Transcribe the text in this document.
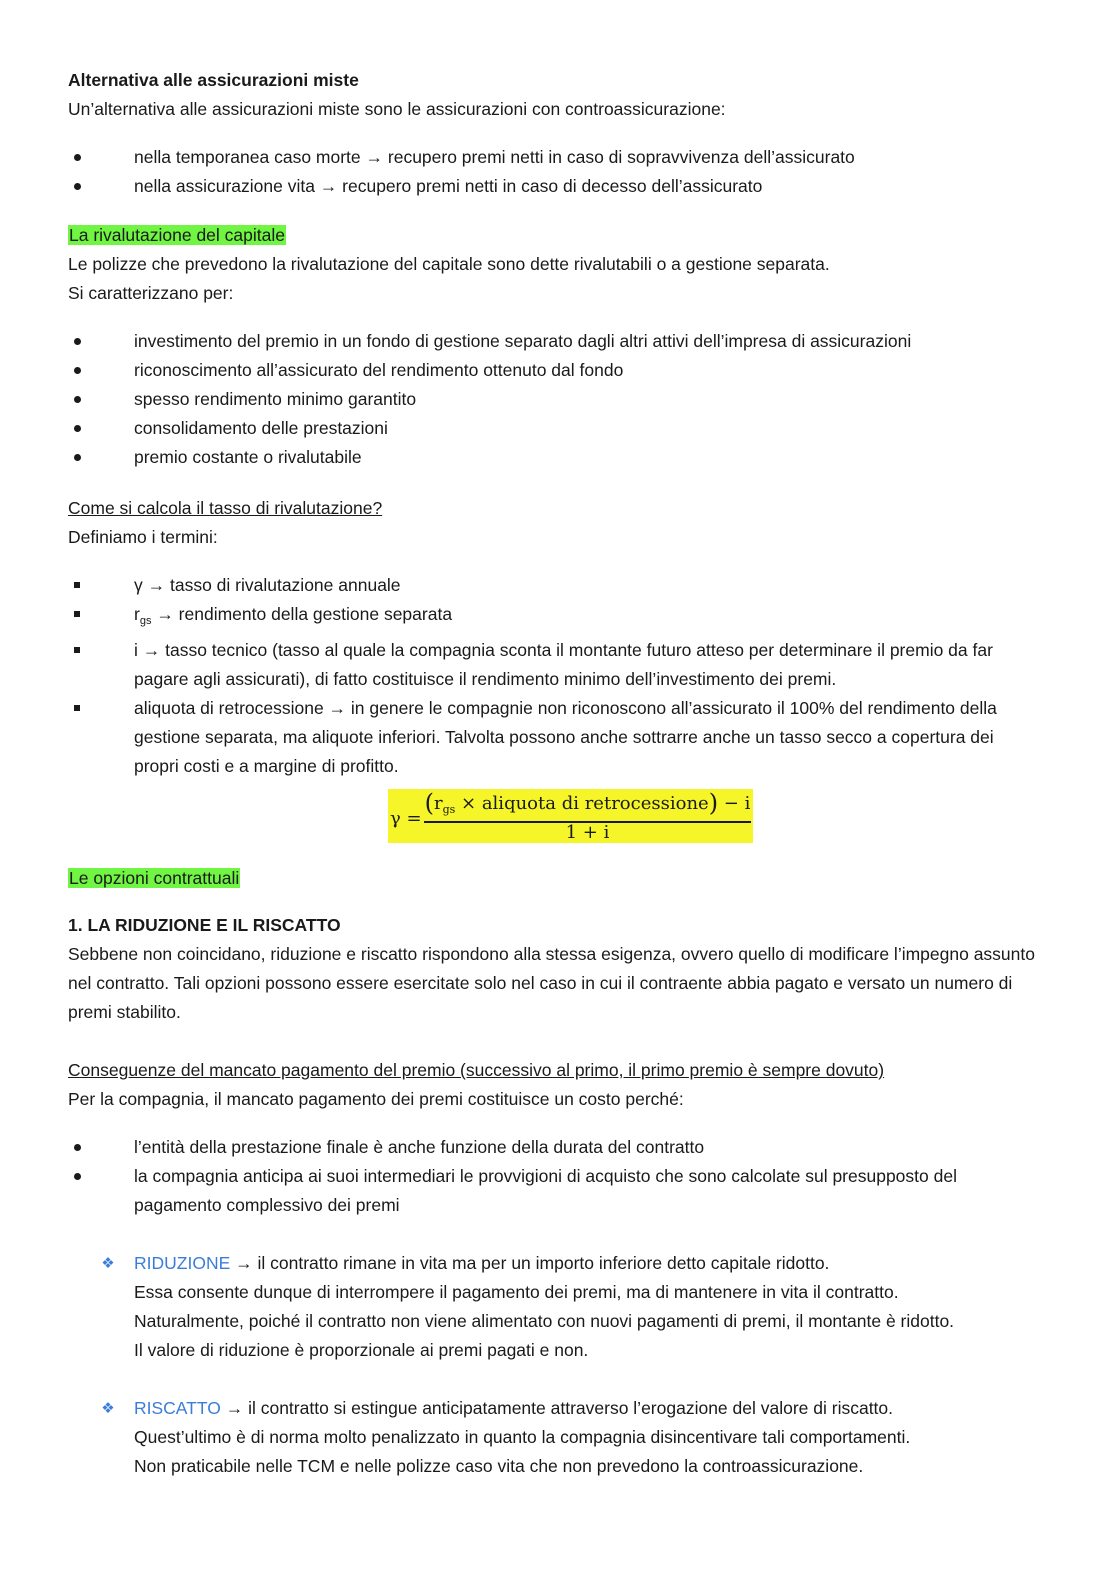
Alternativa alle assicurazioni miste

Un’alternativa alle assicurazioni miste sono le assicurazioni con controassicurazione:

nella temporanea caso morte → recupero premi netti in caso di sopravvivenza dell’assicurato
nella assicurazione vita → recupero premi netti in caso di decesso dell’assicurato

La rivalutazione del capitale

Le polizze che prevedono la rivalutazione del capitale sono dette rivalutabili o a gestione separata.

Si caratterizzano per:

investimento del premio in un fondo di gestione separato dagli altri attivi dell’impresa di assicurazioni
riconoscimento all’assicurato del rendimento ottenuto dal fondo
spesso rendimento minimo garantito
consolidamento delle prestazioni
premio costante o rivalutabile

Come si calcola il tasso di rivalutazione?

Definiamo i termini:

γ → tasso di rivalutazione annuale
$r_{gs}$ → rendimento della gestione separata
i → tasso tecnico (tasso al quale la compagnia sconta il montante futuro atteso per determinare il premio da far pagare agli assicurati), di fatto costituisce il rendimento minimo dell’investimento dei premi.
aliquota di retrocessione → in genere le compagnie non riconoscono all’assicurato il 100% del rendimento della gestione separata, ma aliquote inferiori. Talvolta possono anche sottrarre anche un tasso secco a copertura dei propri costi e a margine di profitto.
γ =
($r_{gs}$ × aliquota di retrocessione) − i
1 + i

Le opzioni contrattuali

1. LA RIDUZIONE E IL RISCATTO

Sebbene non coincidano, riduzione e riscatto rispondono alla stessa esigenza, ovvero quello di modificare l’impegno assunto nel contratto. Tali opzioni possono essere esercitate solo nel caso in cui il contraente abbia pagato e versato un numero di premi stabilito.

Conseguenze del mancato pagamento del premio (successivo al primo, il primo premio è sempre dovuto)

Per la compagnia, il mancato pagamento dei premi costituisce un costo perché:

l’entità della prestazione finale è anche funzione della durata del contratto
la compagnia anticipa ai suoi intermediari le provvigioni di acquisto che sono calcolate sul presupposto del pagamento complessivo dei premi
❖ RIDUZIONE → il contratto rimane in vita ma per un importo inferiore detto capitale ridotto.
Essa consente dunque di interrompere il pagamento dei premi, ma di mantenere in vita il contratto.
Naturalmente, poiché il contratto non viene alimentato con nuovi pagamenti di premi, il montante è ridotto.
Il valore di riduzione è proporzionale ai premi pagati e non.
❖ RISCATTO → il contratto si estingue anticipatamente attraverso l’erogazione del valore di riscatto.
Quest’ultimo è di norma molto penalizzato in quanto la compagnia disincentivare tali comportamenti.
Non praticabile nelle TCM e nelle polizze caso vita che non prevedono la controassicurazione.
